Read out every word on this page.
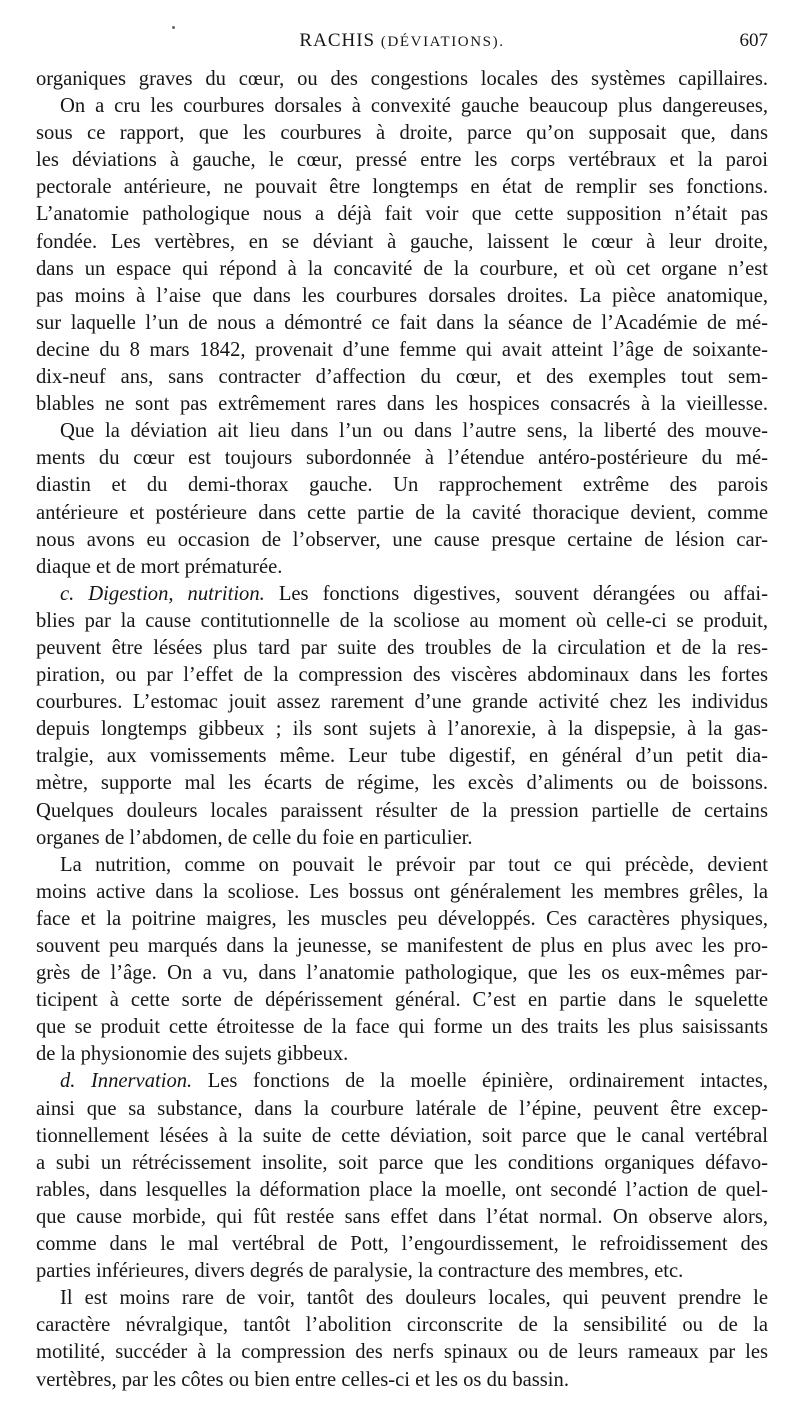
RACHIS (DÉVIATIONS).	607
organiques graves du cœur, ou des congestions locales des systèmes capillaires.
On a cru les courbures dorsales à convexité gauche beaucoup plus dangereuses,
sous ce rapport, que les courbures à droite, parce qu’on supposait que, dans
les déviations à gauche, le cœur, pressé entre les corps vertébraux et la paroi
pectorale antérieure, ne pouvait être longtemps en état de remplir ses fonctions.
L’anatomie pathologique nous a déjà fait voir que cette supposition n’était pas
fondée. Les vertèbres, en se déviant à gauche, laissent le cœur à leur droite,
dans un espace qui répond à la concavité de la courbure, et où cet organe n’est
pas moins à l’aise que dans les courbures dorsales droites. La pièce anatomique,
sur laquelle l’un de nous a démontré ce fait dans la séance de l’Académie de mé-
decine du 8 mars 1842, provenait d’une femme qui avait atteint l’âge de soixante-
dix-neuf ans, sans contracter d’affection du cœur, et des exemples tout sem-
blables ne sont pas extrêmement rares dans les hospices consacrés à la vieillesse.
Que la déviation ait lieu dans l’un ou dans l’autre sens, la liberté des mouve-
ments du cœur est toujours subordonnée à l’étendue antéro-postérieure du mé-
diastin et du demi-thorax gauche. Un rapprochement extrême des parois
antérieure et postérieure dans cette partie de la cavité thoracique devient, comme
nous avons eu occasion de l’observer, une cause presque certaine de lésion car-
diaque et de mort prématurée.
c. Digestion, nutrition. Les fonctions digestives, souvent dérangées ou affai-
blies par la cause contitutionnelle de la scoliose au moment où celle-ci se produit,
peuvent être lésées plus tard par suite des troubles de la circulation et de la res-
piration, ou par l’effet de la compression des viscères abdominaux dans les fortes
courbures. L’estomac jouit assez rarement d’une grande activité chez les individus
depuis longtemps gibbeux ; ils sont sujets à l’anorexie, à la dispepsie, à la gas-
tralgie, aux vomissements même. Leur tube digestif, en général d’un petit dia-
mètre, supporte mal les écarts de régime, les excès d’aliments ou de boissons.
Quelques douleurs locales paraissent résulter de la pression partielle de certains
organes de l’abdomen, de celle du foie en particulier.
La nutrition, comme on pouvait le prévoir par tout ce qui précède, devient
moins active dans la scoliose. Les bossus ont généralement les membres grêles, la
face et la poitrine maigres, les muscles peu développés. Ces caractères physiques,
souvent peu marqués dans la jeunesse, se manifestent de plus en plus avec les pro-
grès de l’âge. On a vu, dans l’anatomie pathologique, que les os eux-mêmes par-
ticipent à cette sorte de dépérissement général. C’est en partie dans le squelette
que se produit cette étroitesse de la face qui forme un des traits les plus saisissants
de la physionomie des sujets gibbeux.
d. Innervation. Les fonctions de la moelle épinière, ordinairement intactes,
ainsi que sa substance, dans la courbure latérale de l’épine, peuvent être excep-
tionnellement lésées à la suite de cette déviation, soit parce que le canal vertébral
a subi un rétrécissement insolite, soit parce que les conditions organiques défavo-
rables, dans lesquelles la déformation place la moelle, ont secondé l’action de quel-
que cause morbide, qui fût restée sans effet dans l’état normal. On observe alors,
comme dans le mal vertébral de Pott, l’engourdissement, le refroidissement des
parties inférieures, divers degrés de paralysie, la contracture des membres, etc.
Il est moins rare de voir, tantôt des douleurs locales, qui peuvent prendre le
caractère névralgique, tantôt l’abolition circonscrite de la sensibilité ou de la
motilité, succéder à la compression des nerfs spinaux ou de leurs rameaux par les
vertèbres, par les côtes ou bien entre celles-ci et les os du bassin.
